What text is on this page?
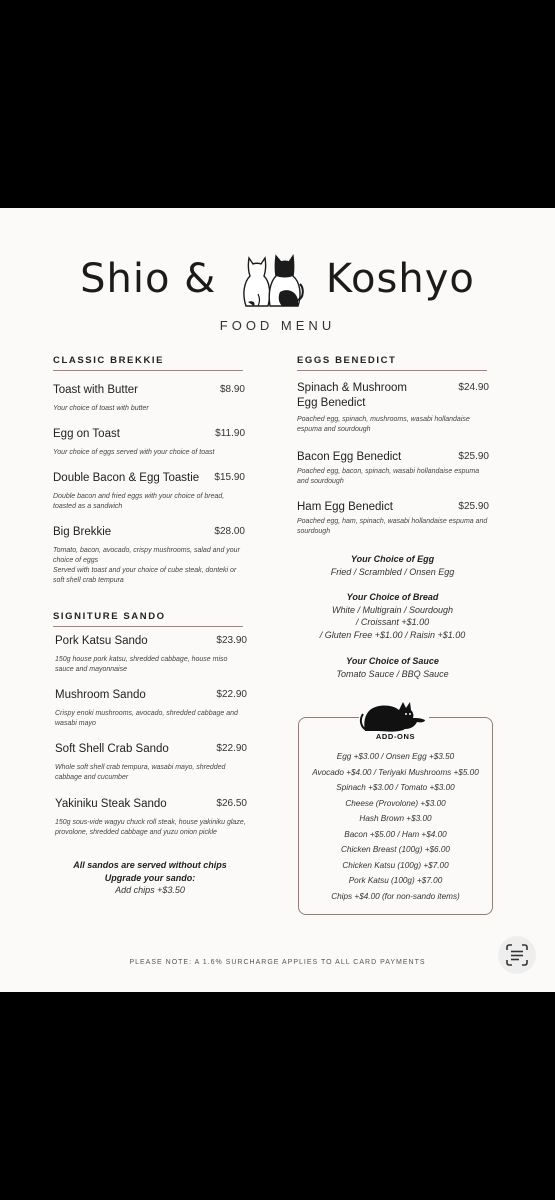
Shio &	Koshyo
FOOD MENU
CLASSIC BREKKIE
Toast with Butter	$8.90
Your choice of toast with butter
Egg on Toast	$11.90
Your choice of eggs served with your choice of toast
Double Bacon & Egg Toastie $15.90
Double bacon and fried eggs with your choice of bread, toasted as a sandwich
Big Brekkie	$28.00
Tomato, bacon, avocado, crispy mushrooms, salad and your choice of eggs
Served with toast and your choice of cube steak, donteki or soft shell crab tempura
SIGNITURE SANDO
Pork Katsu Sando	$23.90
150g house pork katsu, shredded cabbage, house miso sauce and mayonnaise
Mushroom Sando	$22.90
Crispy enoki mushrooms, avocado, shredded cabbage and wasabi mayo
Soft Shell Crab Sando	$22.90
Whole soft shell crab tempura, wasabi mayo, shredded cabbage and cucumber
Yakiniku Steak Sando	$26.50
150g sous-vide wagyu chuck roll steak, house yakiniku glaze, provolone, shredded cabbage and yuzu onion pickle
All sandos are served without chips
Upgrade your sando:
Add chips +$3.50
EGGS BENEDICT
Spinach & Mushroom
Egg Benedict
$24.90
Poached egg, spinach, mushrooms, wasabi hollandaise espuma and sourdough
Bacon Egg Benedict	$25.90
Poached egg, bacon, spinach, wasabi hollandaise espuma and sourdough
Ham Egg Benedict	$25.90
Poached egg, ham, spinach, wasabi hollandaise espuma and sourdough
Your Choice of Egg
Fried / Scrambled / Onsen Egg
Your Choice of Bread
White / Multigrain / Sourdough
/ Croissant +$1.00
/ Gluten Free +$1.00 / Raisin +$1.00
Your Choice of Sauce
Tomato Sauce / BBQ Sauce
ADD-ONS
Egg +$3.00 / Onsen Egg +$3.50
Avocado +$4.00 / Teriyaki Mushrooms +$5.00
Spinach +$3.00 / Tomato +$3.00
Cheese (Provolone) +$3.00
Hash Brown +$3.00
Bacon +$5.00 / Ham +$4.00
Chicken Breast (100g) +$6.00
Chicken Katsu (100g) +$7.00
Pork Katsu (100g) +$7.00
Chips +$4.00 (for non-sando items)
PLEASE NOTE: A 1.6% SURCHARGE APPLIES TO ALL CARD PAYMENTS
